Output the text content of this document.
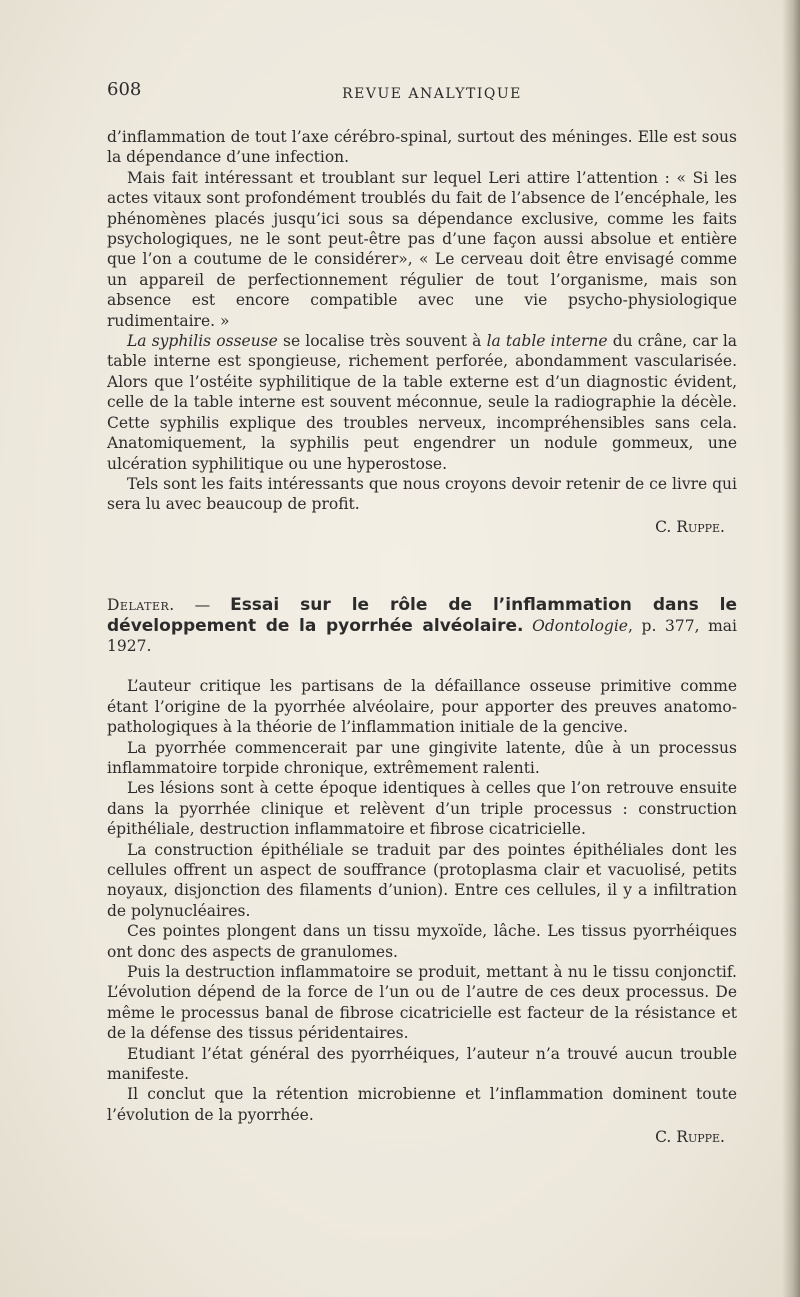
608	REVUE ANALYTIQUE

d’inflammation de tout l’axe cérébro-spinal, surtout des méninges. Elle est sous la dépendance d’une infection.

Mais fait intéressant et troublant sur lequel Leri attire l’attention : « Si les actes vitaux sont profondément troublés du fait de l’absence de l’encéphale, les phénomènes placés jusqu’ici sous sa dépendance exclusive, comme les faits psychologiques, ne le sont peut-être pas d’une façon aussi absolue et entière que l’on a coutume de le considérer», « Le cerveau doit être envisagé comme un appareil de perfectionnement régulier de tout l’organisme, mais son absence est encore compatible avec une vie psycho-physiologique rudimentaire. »

La syphilis osseuse se localise très souvent à la table interne du crâne, car la table interne est spongieuse, richement perforée, abondamment vascularisée. Alors que l’ostéite syphilitique de la table externe est d’un diagnostic évident, celle de la table interne est souvent méconnue, seule la radiographie la décèle. Cette syphilis explique des troubles nerveux, incompréhensibles sans cela. Anatomiquement, la syphilis peut engendrer un nodule gommeux, une ulcération syphilitique ou une hyperostose.

Tels sont les faits intéressants que nous croyons devoir retenir de ce livre qui sera lu avec beaucoup de profit.

C. Ruppe.

Delater. — Essai sur le rôle de l’inflammation dans le développement de la pyorrhée alvéolaire. Odontologie, p. 377, mai 1927.

L’auteur critique les partisans de la défaillance osseuse primitive comme étant l’origine de la pyorrhée alvéolaire, pour apporter des preuves anatomo-pathologiques à la théorie de l’inflammation initiale de la gencive.

La pyorrhée commencerait par une gingivite latente, dûe à un processus inflammatoire torpide chronique, extrêmement ralenti.

Les lésions sont à cette époque identiques à celles que l’on retrouve ensuite dans la pyorrhée clinique et relèvent d’un triple processus : construction épithéliale, destruction inflammatoire et fibrose cicatricielle.

La construction épithéliale se traduit par des pointes épithéliales dont les cellules offrent un aspect de souffrance (protoplasma clair et vacuolisé, petits noyaux, disjonction des filaments d’union). Entre ces cellules, il y a infiltration de polynucléaires.

Ces pointes plongent dans un tissu myxoïde, lâche. Les tissus pyorrhéiques ont donc des aspects de granulomes.

Puis la destruction inflammatoire se produit, mettant à nu le tissu conjonctif. L’évolution dépend de la force de l’un ou de l’autre de ces deux processus. De même le processus banal de fibrose cicatricielle est facteur de la résistance et de la défense des tissus péridentaires.

Etudiant l’état général des pyorrhéiques, l’auteur n’a trouvé aucun trouble manifeste.

Il conclut que la rétention microbienne et l’inflammation dominent toute l’évolution de la pyorrhée.

C. Ruppe.
